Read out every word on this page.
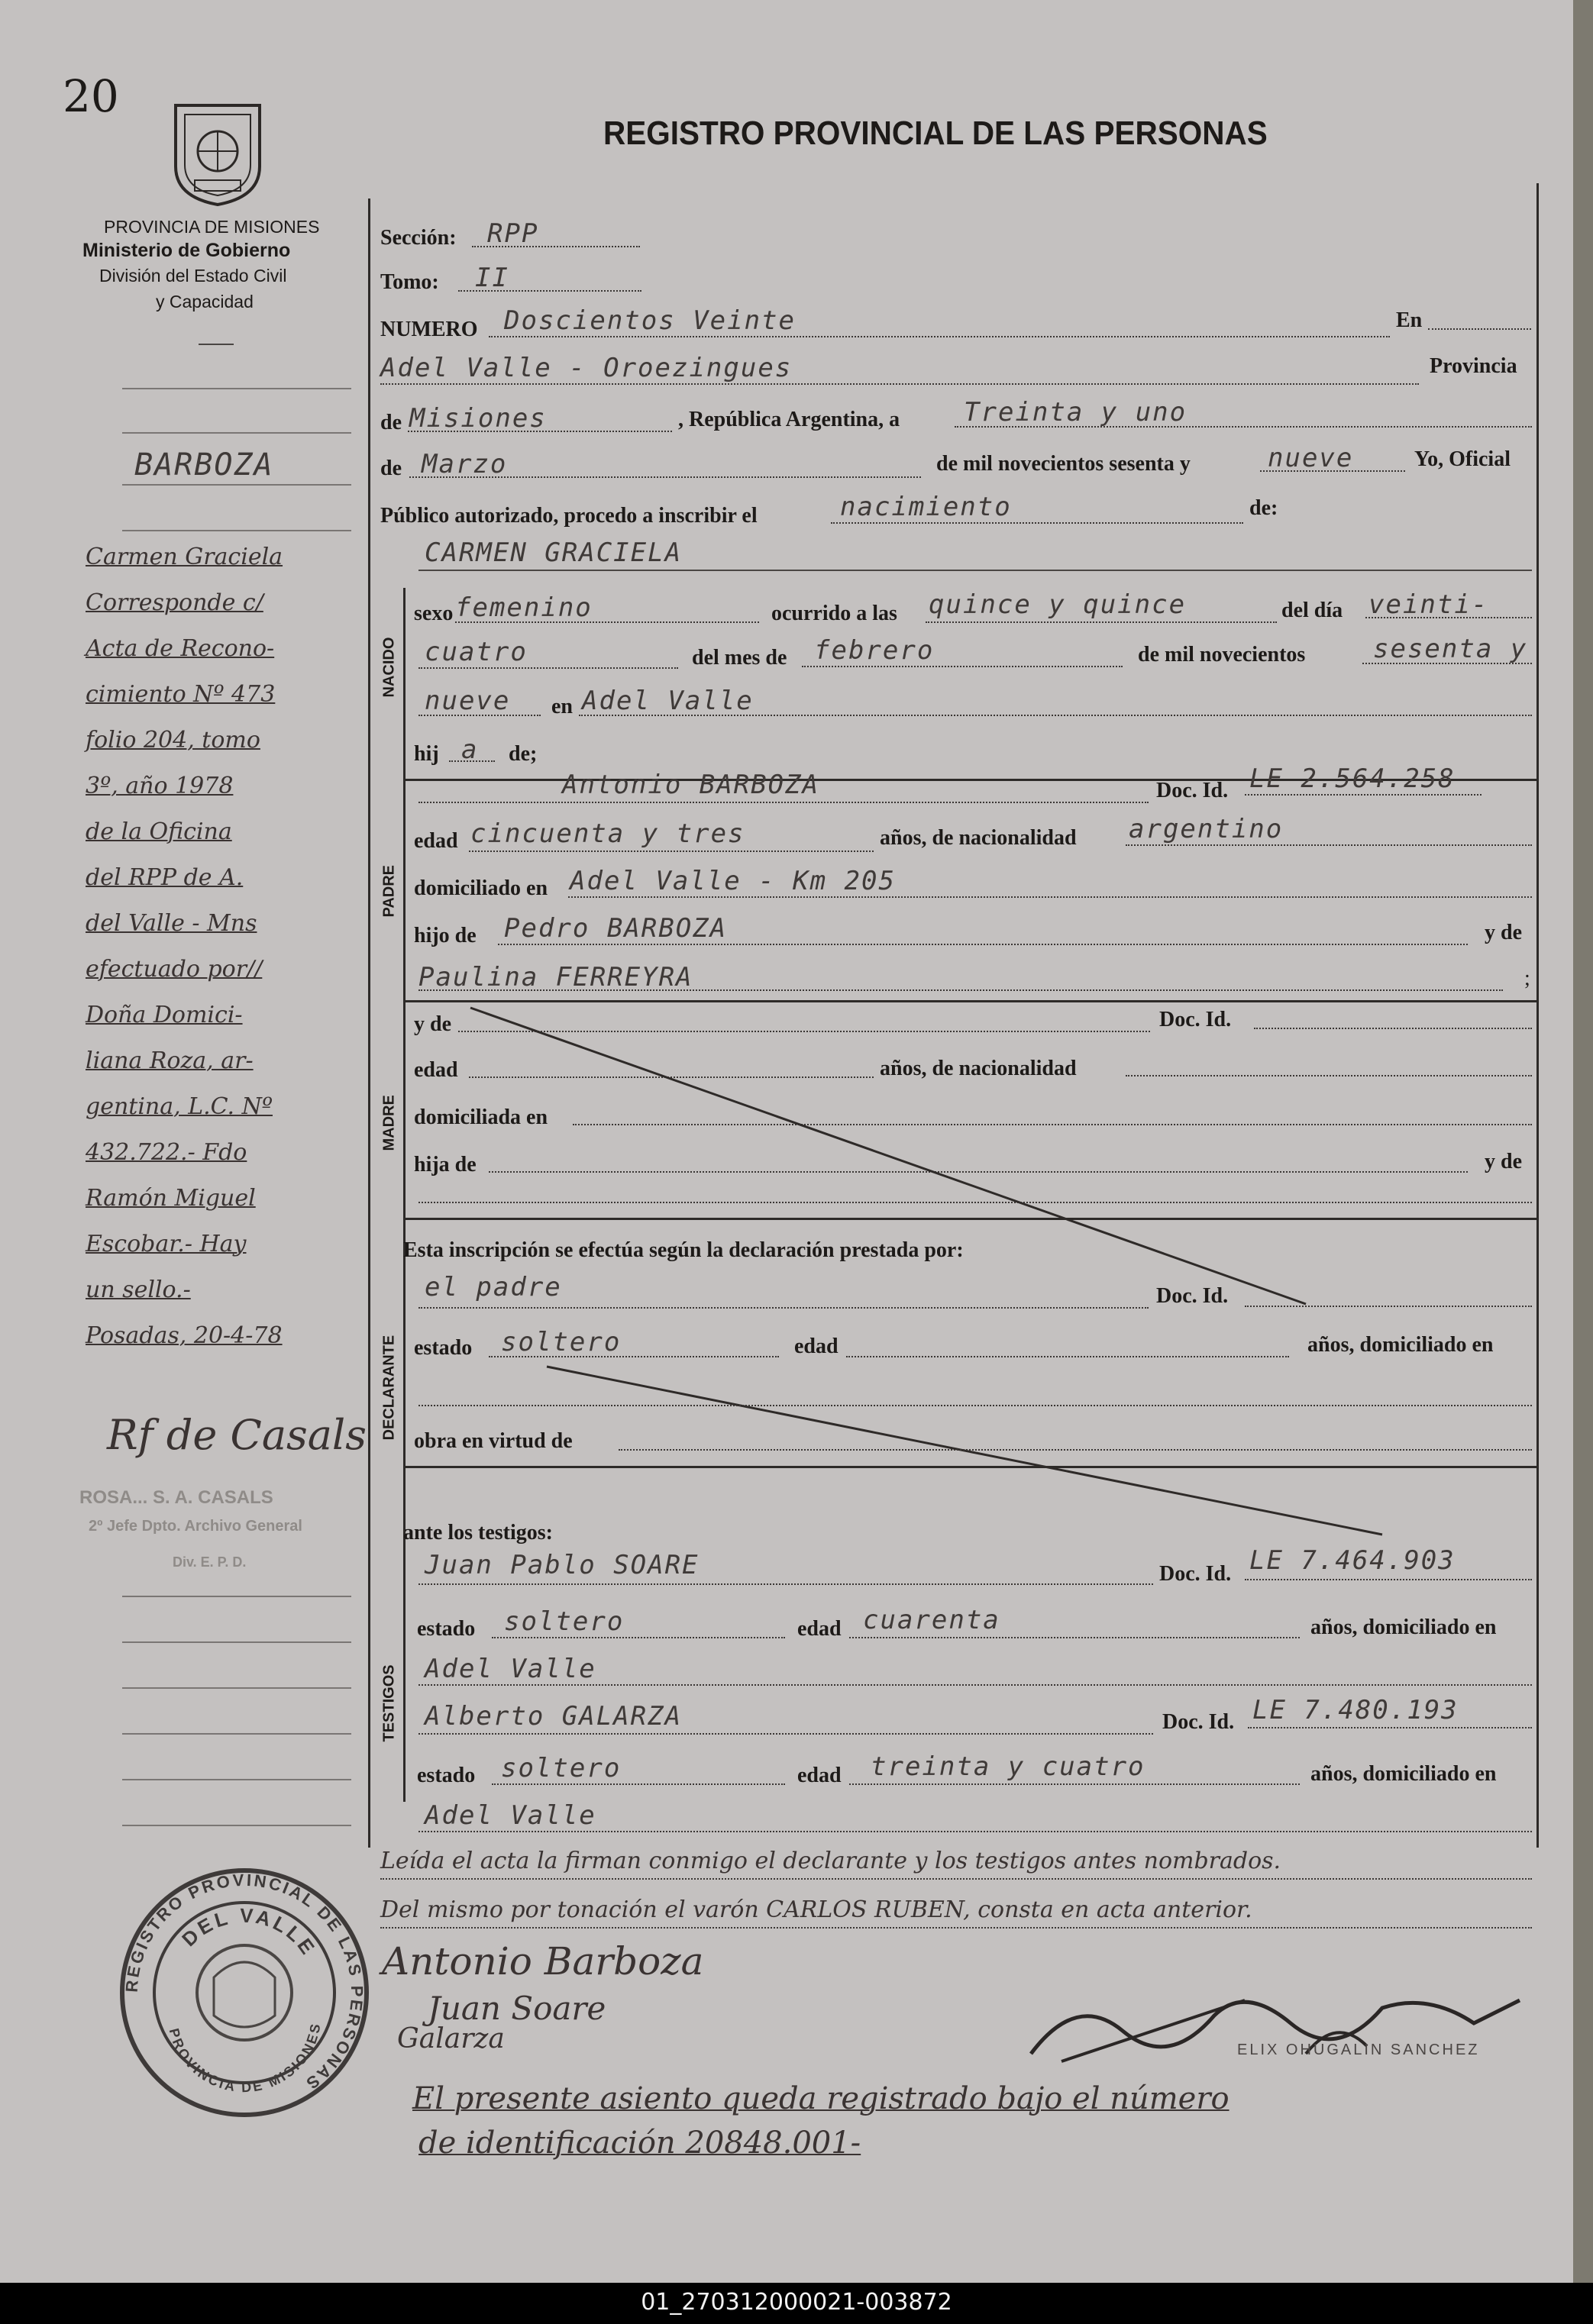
20
PROVINCIA DE MISIONES
Ministerio de Gobierno
División del Estado Civil
y Capacidad
REGISTRO PROVINCIAL DE LAS PERSONAS
NACIDO
PADRE
MADRE
DECLARANTE
TESTIGOS
Sección: RPP
Tomo: II
NUMERO Doscientos Veinte	En
Adel Valle - Oroezingues	Provincia
de Misiones	, República Argentina, a Treinta y uno
de Marzo	de mil novecientos sesenta y	nueve	Yo, Oficial
Público autorizado, procedo a inscribir el	nacimiento	de:
CARMEN GRACIELA
sexo femenino	ocurrido a las quince y quince	del día veinti-
cuatro	del mes de febrero	de mil novecientos	sesenta y
nueve en Adel Valle
hij a de;
Antonio BARBOZA	Doc. Id. LE 2.564.258
edad cincuenta y tres	años, de nacionalidad argentino
domiciliado en Adel Valle - Km 205
hijo de Pedro BARBOZA	y de
Paulina FERREYRA	;
y de	Doc. Id.
edad	años, de nacionalidad
domiciliada en
hija de	y de
Esta inscripción se efectúa según la declaración prestada por:
el padre	Doc. Id.
estado soltero	edad	años, domiciliado en
obra en virtud de
ante los testigos:
Juan Pablo SOARE	Doc. Id. LE 7.464.903
estado soltero	edad cuarenta	años, domiciliado en
Adel Valle
Alberto GALARZA	Doc. Id. LE 7.480.193
estado soltero	edad treinta y cuatro	años, domiciliado en
Adel Valle
Leída el acta la firman conmigo el declarante y los testigos antes nombrados.
Del mismo por tonación el varón CARLOS RUBEN, consta en acta anterior.
Antonio Barboza
Juan Soare
Galarza	ELIX OHUGALIN SANCHEZ
El presente asiento queda registrado bajo el número
de identificación 20848.001-
BARBOZA
Carmen Graciela
Corresponde c/
Acta de Recono-
cimiento Nº 473
folio 204, tomo
3º, año 1978
de la Oficina
del RPP de A.
del Valle - Mns
efectuado por//
Doña Domici-
liana Roza, ar-
gentina, L.C. Nº
432.722.- Fdo
Ramón Miguel
Escobar.- Hay
un sello.-
Posadas, 20-4-78
Rf de Casals
ROSA... S. A. CASALS
2º Jefe Dpto. Archivo General
Div. E. P. D.
REGISTRO PROVINCIAL DE LAS PERSONAS
DEL VALLE
PROVINCIA DE MISIONES
01_270312000021-003872
